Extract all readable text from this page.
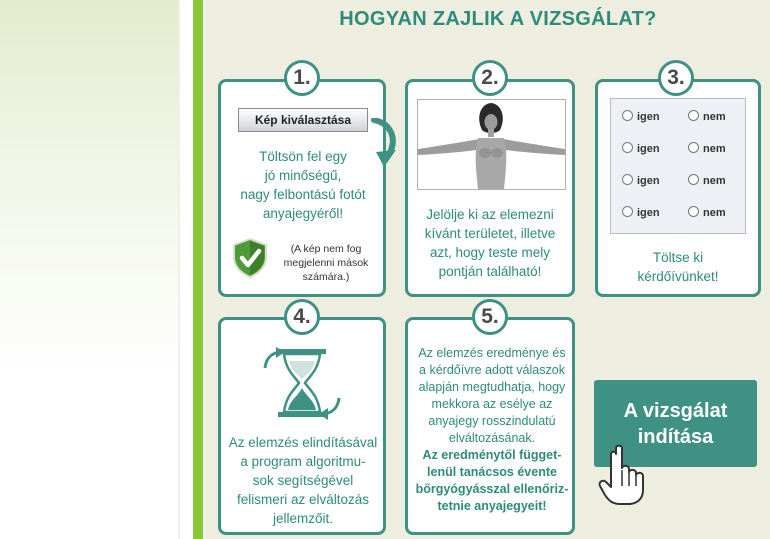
HOGYAN ZAJLIK A VIZSGÁLAT?
1.
Kép kiválasztása
Töltsön fel egy
jó minőségű,
nagy felbontású fotót
anyajegyéről!
(A kép nem fog
megjelenni mások
számára.)
2.
Jelölje ki az elemezni
kívánt területet, illetve
azt, hogy teste mely
pontján található!
3.
igen	nem
igen	nem
igen	nem
igen	nem
Töltse ki
kérdőívünket!
4.
Az elemzés elindításával
a program algoritmu-
sok segítségével
felismeri az elváltozás
jellemzőit.
5.
Az elemzés eredménye és
a kérdőívre adott válaszok
alapján megtudhatja, hogy
mekkora az esélye az
anyajegy rosszindulatú
elváltozásának.
Az eredménytől függet-
lenül tanácsos évente
bőrgyógyásszal ellenőriz-
tetnie anyajegyeit!
A vizsgálat
indítása
